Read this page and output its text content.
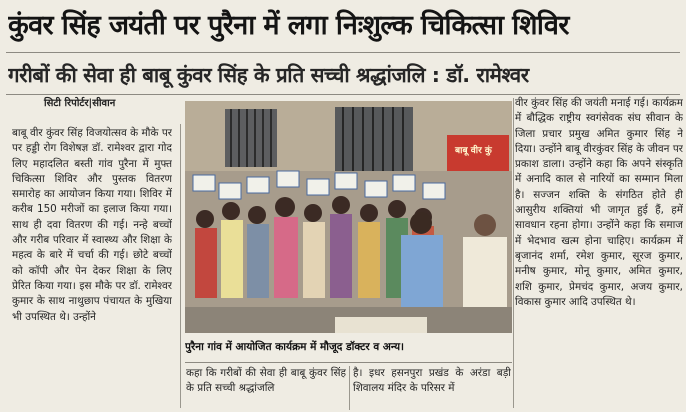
कुंवर सिंह जयंती पर पुरैना में लगा निःशुल्क चिकित्सा शिविर
गरीबों की सेवा ही बाबू कुंवर सिंह के प्रति सच्ची श्रद्धांजलि : डॉ. रामेश्वर
सिटी रिपोर्टर|सीवान

बाबू वीर कुंवर सिंह विजयोत्सव के मौके पर पर हड्डी रोग विशेषज्ञ डॉ. रामेश्वर द्वारा गोद लिए महादलित बस्ती गांव पुरैना में मुफ्त चिकित्सा शिविर और पुस्तक वितरण समारोह का आयोजन किया गया। शिविर में करीब 150 मरीजों का इलाज किया गया। साथ ही दवा वितरण की गई। नन्हे बच्चों और गरीब परिवार में स्वास्थ्य और शिक्षा के महत्व के बारे में चर्चा की गई। छोटे बच्चों को कॉपी और पेन देकर शिक्षा के लिए प्रेरित किया गया। इस मौके पर डॉ. रामेश्वर कुमार के साथ नाथुछाप पंचायत के मुखिया भी उपस्थित थे। उन्होंने

बाबू वीर कुं
पुरैना गांव में आयोजित कार्यक्रम में मौजूद डॉक्टर व अन्य।

कहा कि गरीबों की सेवा ही बाबू कुंवर सिंह के प्रति सच्ची श्रद्धांजलि

है। इधर हसनपुरा प्रखंड के अरंडा बड़ी शिवालय मंदिर के परिसर में

वीर कुंवर सिंह की जयंती मनाई गई। कार्यक्रम में बौद्धिक राष्ट्रीय स्वगंसेवक संघ सीवान के जिला प्रचार प्रमुख अमित कुमार सिंह ने दिया। उन्होंने बाबू वीरकुंवर सिंह के जीवन पर प्रकाश डाला। उन्होंने कहा कि अपने संस्कृति में अनादि काल से नारियों का सम्मान मिला है। सज्जन शक्ति के संगठित होते ही आसुरीय शक्तियां भी जागृत हुई हैं, हमें सावधान रहना होगा। उन्होंने कहा कि समाज में भेदभाव खत्म होना चाहिए। कार्यक्रम में बृजानंद शर्मा, रमेश कुमार, सूरज कुमार, मनीष कुमार, मोनू कुमार, अमित कुमार, शशि कुमार, प्रेमचंद कुमार, अजय कुमार, विकास कुमार आदि उपस्थित थे।
